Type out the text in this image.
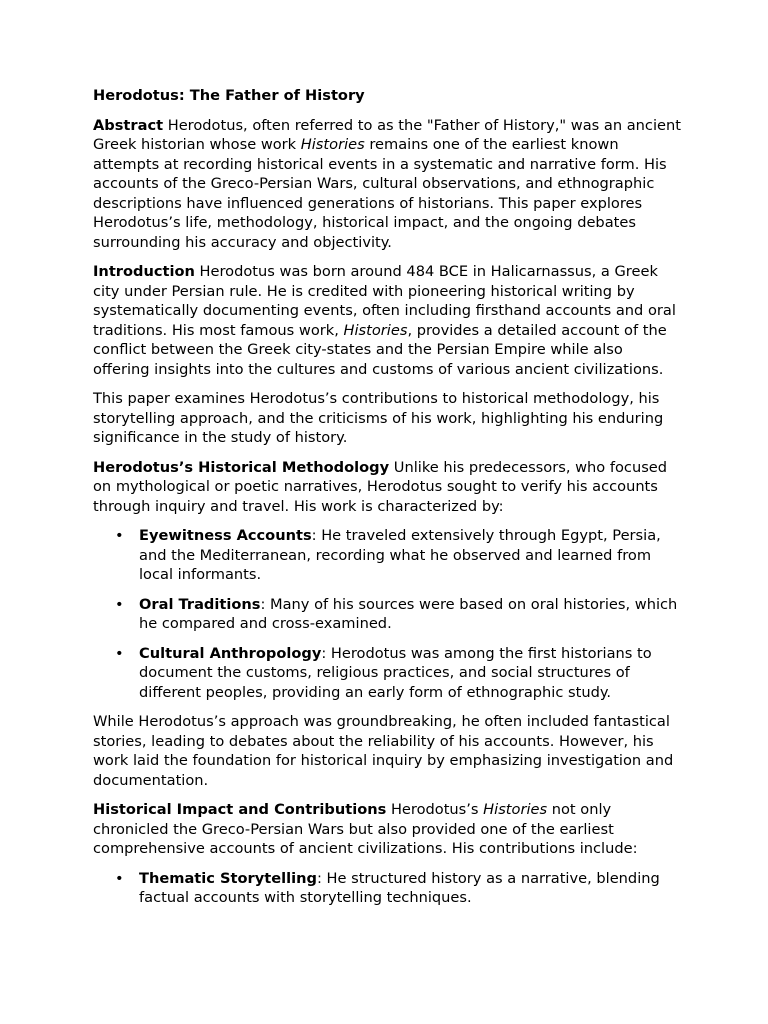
Herodotus: The Father of History

Abstract Herodotus, often referred to as the "Father of History," was an ancient Greek historian whose work Histories remains one of the earliest known attempts at recording historical events in a systematic and narrative form. His accounts of the Greco-Persian Wars, cultural observations, and ethnographic descriptions have influenced generations of historians. This paper explores Herodotus’s life, methodology, historical impact, and the ongoing debates surrounding his accuracy and objectivity.

Introduction Herodotus was born around 484 BCE in Halicarnassus, a Greek city under Persian rule. He is credited with pioneering historical writing by systematically documenting events, often including firsthand accounts and oral traditions. His most famous work, Histories, provides a detailed account of the conflict between the Greek city-states and the Persian Empire while also offering insights into the cultures and customs of various ancient civilizations.

This paper examines Herodotus’s contributions to historical methodology, his storytelling approach, and the criticisms of his work, highlighting his enduring significance in the study of history.

Herodotus’s Historical Methodology Unlike his predecessors, who focused on mythological or poetic narratives, Herodotus sought to verify his accounts through inquiry and travel. His work is characterized by:

• Eyewitness Accounts: He traveled extensively through Egypt, Persia, and the Mediterranean, recording what he observed and learned from local informants.
• Oral Traditions: Many of his sources were based on oral histories, which he compared and cross-examined.
• Cultural Anthropology: Herodotus was among the first historians to document the customs, religious practices, and social structures of different peoples, providing an early form of ethnographic study.

While Herodotus’s approach was groundbreaking, he often included fantastical stories, leading to debates about the reliability of his accounts. However, his work laid the foundation for historical inquiry by emphasizing investigation and documentation.

Historical Impact and Contributions Herodotus’s Histories not only chronicled the Greco-Persian Wars but also provided one of the earliest comprehensive accounts of ancient civilizations. His contributions include:

• Thematic Storytelling: He structured history as a narrative, blending factual accounts with storytelling techniques.
